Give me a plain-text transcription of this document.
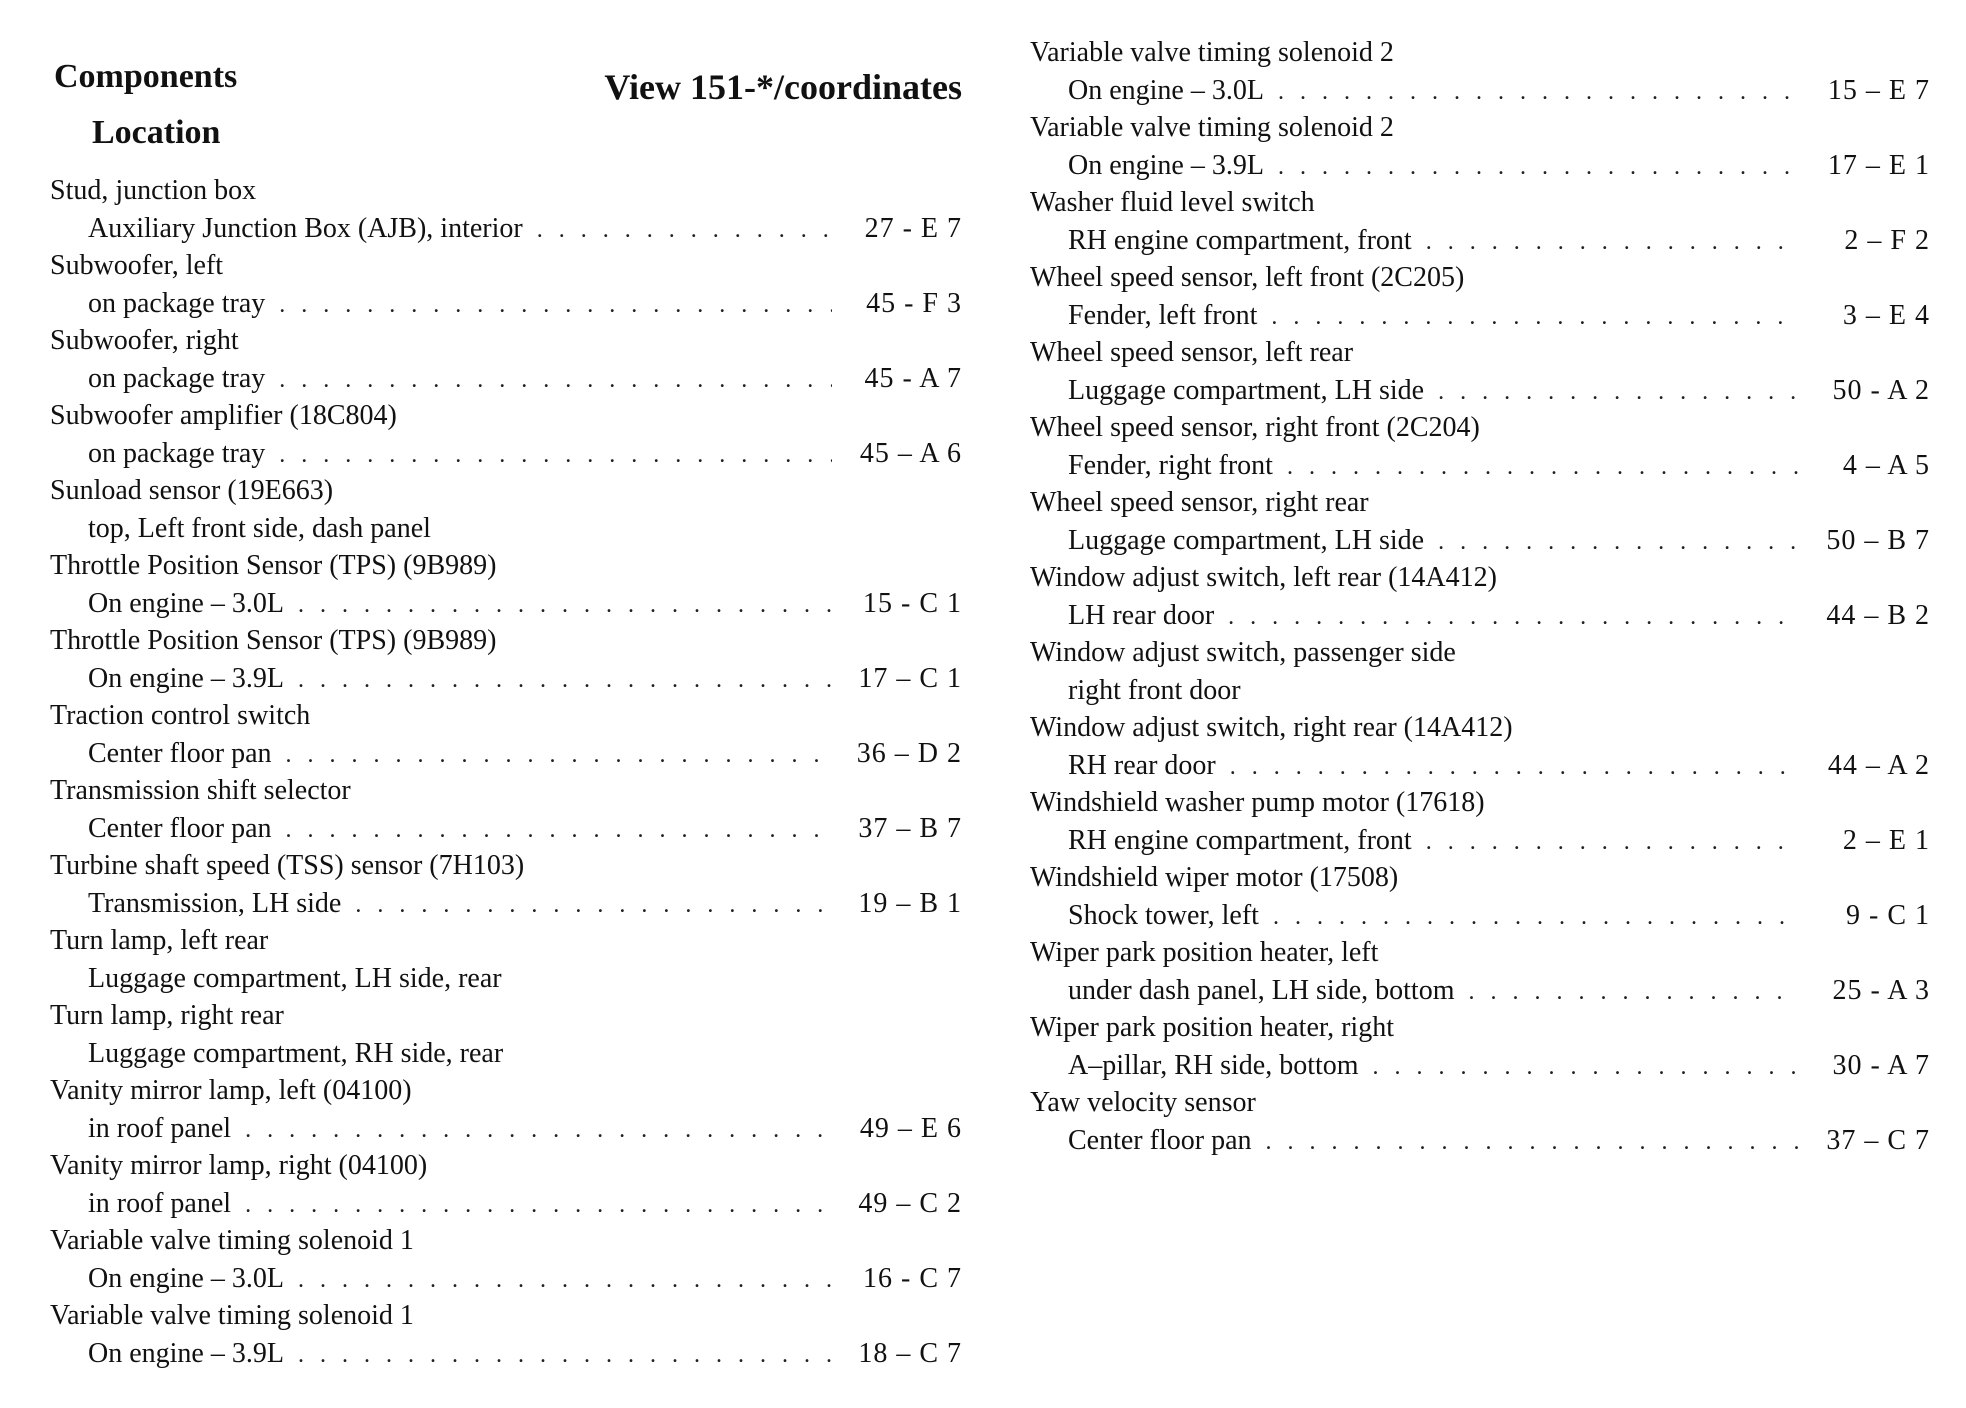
Components
Location
View 151-*/coordinates
Stud, junction box
Auxiliary Junction Box (AJB), interior . . .	27 - E 7
Subwoofer, left
on package tray . . .	45 - F 3
Subwoofer, right
on package tray . . .	45 - A 7
Subwoofer amplifier (18C804)
on package tray . . .	45 – A 6
Sunload sensor (19E663)
top, Left front side, dash panel
Throttle Position Sensor (TPS) (9B989)
On engine – 3.0L . . .	15 - C 1
Throttle Position Sensor (TPS) (9B989)
On engine – 3.9L . . .	17 – C 1
Traction control switch
Center floor pan . . .	36 – D 2
Transmission shift selector
Center floor pan . . .	37 – B 7
Turbine shaft speed (TSS) sensor (7H103)
Transmission, LH side . . .	19 – B 1
Turn lamp, left rear
Luggage compartment, LH side, rear
Turn lamp, right rear
Luggage compartment, RH side, rear
Vanity mirror lamp, left (04100)
in roof panel . . .	49 – E 6
Vanity mirror lamp, right (04100)
in roof panel . . .	49 – C 2
Variable valve timing solenoid 1
On engine – 3.0L . . .	16 - C 7
Variable valve timing solenoid 1
On engine – 3.9L . . .	18 – C 7
Variable valve timing solenoid 2
On engine – 3.0L . . .	15 – E 7
Variable valve timing solenoid 2
On engine – 3.9L . . .	17 – E 1
Washer fluid level switch
RH engine compartment, front . . .	2 – F 2
Wheel speed sensor, left front (2C205)
Fender, left front . . .	3 – E 4
Wheel speed sensor, left rear
Luggage compartment, LH side . . .	50 - A 2
Wheel speed sensor, right front (2C204)
Fender, right front . . .	4 – A 5
Wheel speed sensor, right rear
Luggage compartment, LH side . . .	50 – B 7
Window adjust switch, left rear (14A412)
LH rear door . . .	44 – B 2
Window adjust switch, passenger side
right front door
Window adjust switch, right rear (14A412)
RH rear door . . .	44 – A 2
Windshield washer pump motor (17618)
RH engine compartment, front . . .	2 – E 1
Windshield wiper motor (17508)
Shock tower, left . . .	9 - C 1
Wiper park position heater, left
under dash panel, LH side, bottom . . .	25 - A 3
Wiper park position heater, right
A–pillar, RH side, bottom . . .	30 - A 7
Yaw velocity sensor
Center floor pan . . .	37 – C 7
